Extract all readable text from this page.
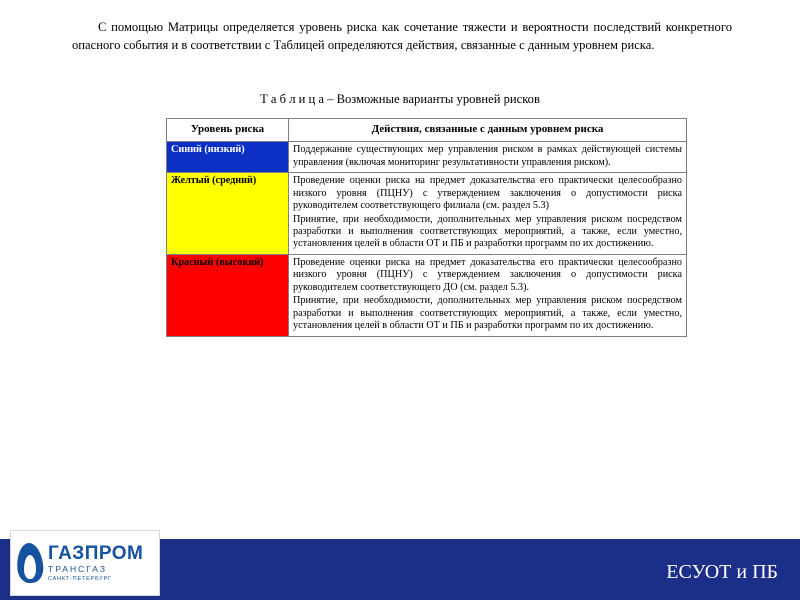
С помощью Матрицы определяется уровень риска как сочетание тяжести и вероятности последствий конкретного опасного события и в соответствии с Таблицей определяются действия, связанные с данным уровнем риска.
Т а б л и ц а – Возможные варианты уровней рисков
Уровень риска	Действия, связанные с данным уровнем риска
Синий (низкий)	Поддержание существующих мер управления риском в рамках действующей системы управления (включая мониторинг результативности управления риском).

Желтый (средний)	Проведение оценки риска на предмет доказательства его практически целесообразно низкого уровня (ПЦНУ) с утверждением заключения о допустимости риска руководителем соответствующего филиала (см. раздел 5.3)

Принятие, при необходимости, дополнительных мер управления риском посредством разработки и выполнения соответствующих мероприятий, а также, если уместно, установления целей в области ОТ и ПБ и разработки программ по их достижению.

Красный (высокий)	Проведение оценки риска на предмет доказательства его практически целесообразно низкого уровня (ПЦНУ) с утверждением заключения о допустимости риска руководителем соответствующего ДО (см. раздел 5.3).

Принятие, при необходимости, дополнительных мер управления риском посредством разработки и выполнения соответствующих мероприятий, а также, если уместно, установления целей в области ОТ и ПБ и разработки программ по их достижению.

ЕСУОТ и ПБ
ГАЗПРОМ
ТРАНСГАЗ
САНКТ-ПЕТЕРБУРГ
